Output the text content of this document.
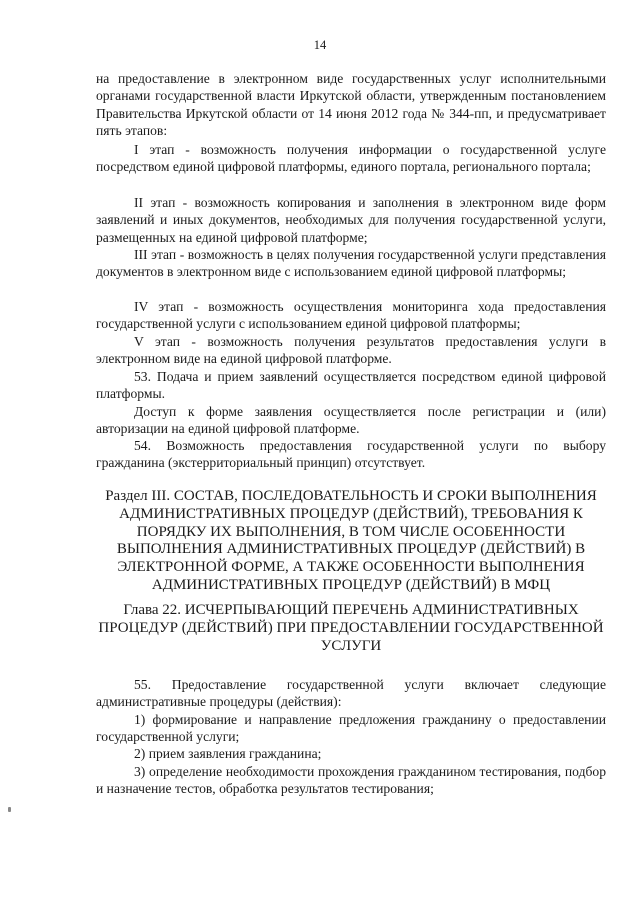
14

на предоставление в электронном виде государственных услуг исполнительными органами государственной власти Иркутской области, утвержденным постановлением Правительства Иркутской области от 14 июня 2012 года № 344-пп, и предусматривает пять этапов:

I этап - возможность получения информации о государственной услуге посредством единой цифровой платформы, единого портала, регионального портала;

II этап - возможность копирования и заполнения в электронном виде форм заявлений и иных документов, необходимых для получения государственной услуги, размещенных на единой цифровой платформе;

III этап - возможность в целях получения государственной услуги представления документов в электронном виде с использованием единой цифровой платформы;

IV этап - возможность осуществления мониторинга хода предоставления государственной услуги с использованием единой цифровой платформы;

V этап - возможность получения результатов предоставления услуги в электронном виде на единой цифровой платформе.

53. Подача и прием заявлений осуществляется посредством единой цифровой платформы.

Доступ к форме заявления осуществляется после регистрации и (или) авторизации на единой цифровой платформе.

54. Возможность предоставления государственной услуги по выбору гражданина (экстерриториальный принцип) отсутствует.

Раздел III. СОСТАВ, ПОСЛЕДОВАТЕЛЬНОСТЬ И СРОКИ ВЫПОЛНЕНИЯ АДМИНИСТРАТИВНЫХ ПРОЦЕДУР (ДЕЙСТВИЙ), ТРЕБОВАНИЯ К ПОРЯДКУ ИХ ВЫПОЛНЕНИЯ, В ТОМ ЧИСЛЕ ОСОБЕННОСТИ ВЫПОЛНЕНИЯ АДМИНИСТРАТИВНЫХ ПРОЦЕДУР (ДЕЙСТВИЙ) В ЭЛЕКТРОННОЙ ФОРМЕ, А ТАКЖЕ ОСОБЕННОСТИ ВЫПОЛНЕНИЯ АДМИНИСТРАТИВНЫХ ПРОЦЕДУР (ДЕЙСТВИЙ) В МФЦ

Глава 22. ИСЧЕРПЫВАЮЩИЙ ПЕРЕЧЕНЬ АДМИНИСТРАТИВНЫХ ПРОЦЕДУР (ДЕЙСТВИЙ) ПРИ ПРЕДОСТАВЛЕНИИ ГОСУДАРСТВЕННОЙ УСЛУГИ

55. Предоставление государственной услуги включает следующие административные процедуры (действия):

1) формирование и направление предложения гражданину о предоставлении государственной услуги;

2) прием заявления гражданина;

3) определение необходимости прохождения гражданином тестирования, подбор и назначение тестов, обработка результатов тестирования;
